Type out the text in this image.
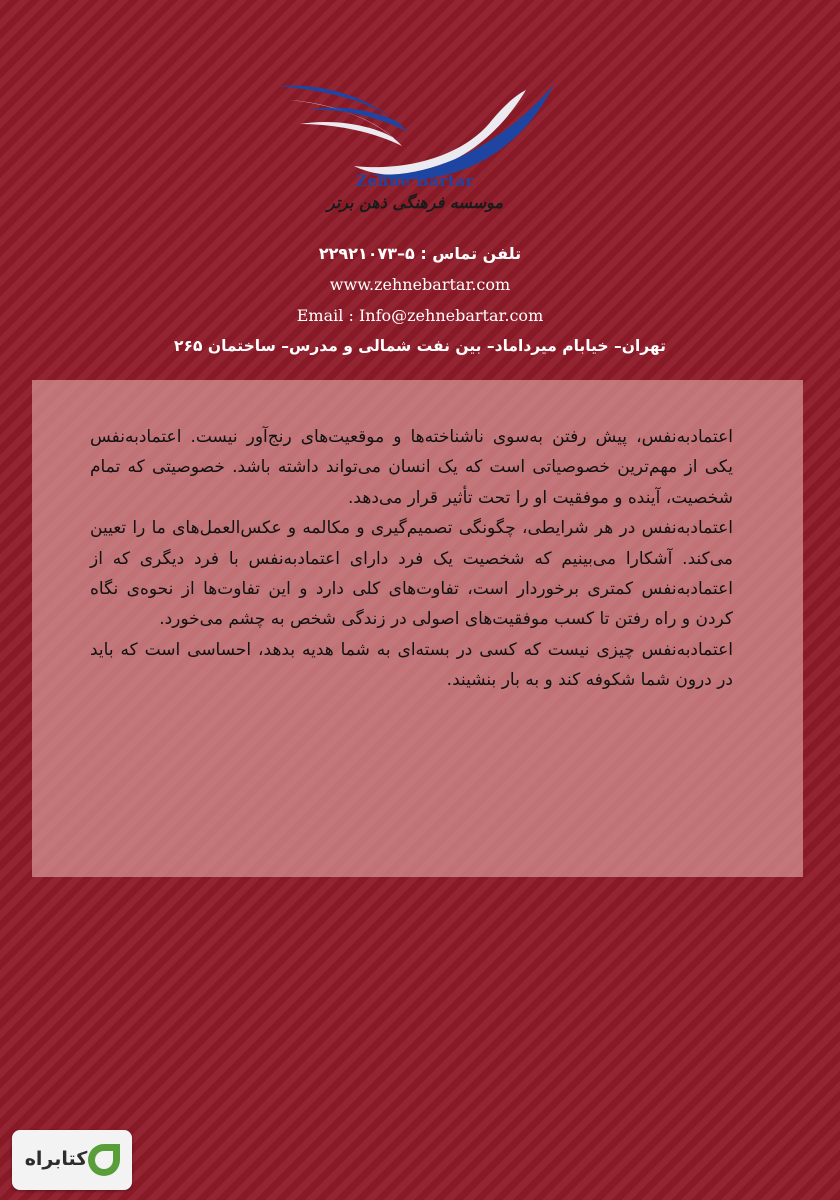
Zehne Bartar
موسسه فرهنگی ذهن برتر
تلفن تماس : ۵–۲۲۹۲۱۰۷۳
www.zehnebartar.com
Email : Info@zehnebartar.com
تهران– خیابام میرداماد– بین نفت شمالی و مدرس– ساختمان ۲۶۵

اعتمادبه‌نفس، پیش رفتن به‌سوی ناشناخته‌ها و موقعیت‌های رنج‌آور نیست. اعتمادبه‌نفس یکی از مهم‌ترین خصوصیاتی است که یک انسان می‌تواند داشته باشد. خصوصیتی که تمام شخصیت، آینده و موفقیت او را تحت تأثیر قرار می‌دهد.

اعتمادبه‌نفس در هر شرایطی، چگونگی تصمیم‌گیری و مکالمه و عکس‌العمل‌های ما را تعیین می‌کند. آشکارا می‌بینیم که شخصیت یک فرد دارای اعتمادبه‌نفس با فرد دیگری که از اعتمادبه‌نفس کمتری برخوردار است، تفاوت‌های کلی دارد و این تفاوت‌ها از نحوه‌ی نگاه کردن و راه رفتن تا کسب موفقیت‌های اصولی در زندگی شخص به چشم می‌خورد.

اعتمادبه‌نفس چیزی نیست که کسی در بسته‌ای به شما هدیه بدهد، احساسی است که باید در درون شما شکوفه کند و به بار بنشیند.

کتابراه
